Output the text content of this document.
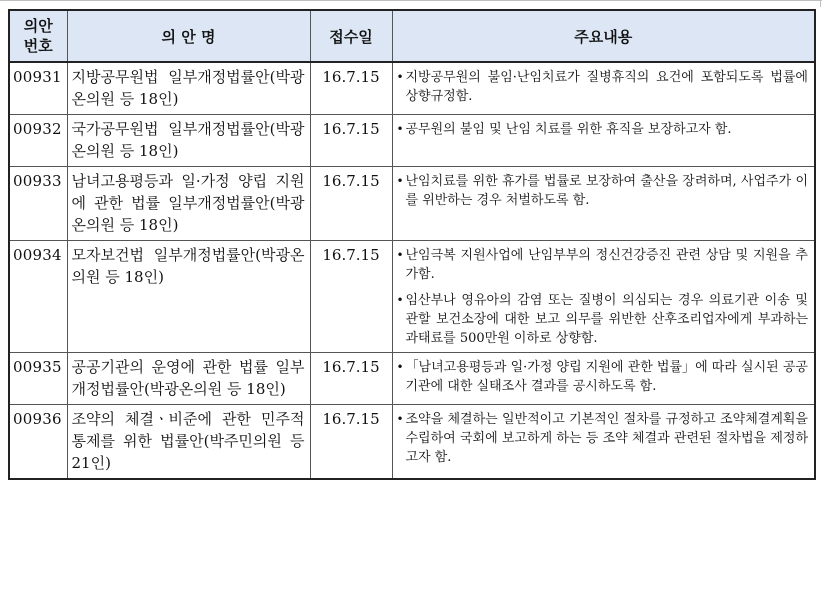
의안
번호	의 안 명	접수일	주요내용
00931	지방공무원법 일부개정법률안(박광온의원 등 18인)	16.7.15	• 지방공무원의 불임·난임치료가 질병휴직의 요건에 포함되도록 법률에 상향규정함.

00932	국가공무원법 일부개정법률안(박광온의원 등 18인)	16.7.15	• 공무원의 불임 및 난임 치료를 위한 휴직을 보장하고자 함.

00933	남녀고용평등과 일·가정 양립 지원에 관한 법률 일부개정법률안(박광온의원 등 18인)	16.7.15	• 난임치료를 위한 휴가를 법률로 보장하여 출산을 장려하며, 사업주가 이를 위반하는 경우 처벌하도록 함.

00934	모자보건법 일부개정법률안(박광온의원 등 18인)	16.7.15	• 난임극복 지원사업에 난임부부의 정신건강증진 관련 상담 및 지원을 추가함.
• 임산부나 영유아의 감염 또는 질병이 의심되는 경우 의료기관 이송 및 관할 보건소장에 대한 보고 의무를 위반한 산후조리업자에게 부과하는 과태료를 500만원 이하로 상향함.

00935	공공기관의 운영에 관한 법률 일부개정법률안(박광온의원 등 18인)	16.7.15	• 「남녀고용평등과 일·가정 양립 지원에 관한 법률」에 따라 실시된 공공기관에 대한 실태조사 결과를 공시하도록 함.

00936	조약의 체결ㆍ비준에 관한 민주적 통제를 위한 법률안(박주민의원 등 21인)	16.7.15	• 조약을 체결하는 일반적이고 기본적인 절차를 규정하고 조약체결계획을 수립하여 국회에 보고하게 하는 등 조약 체결과 관련된 절차법을 제정하고자 함.
